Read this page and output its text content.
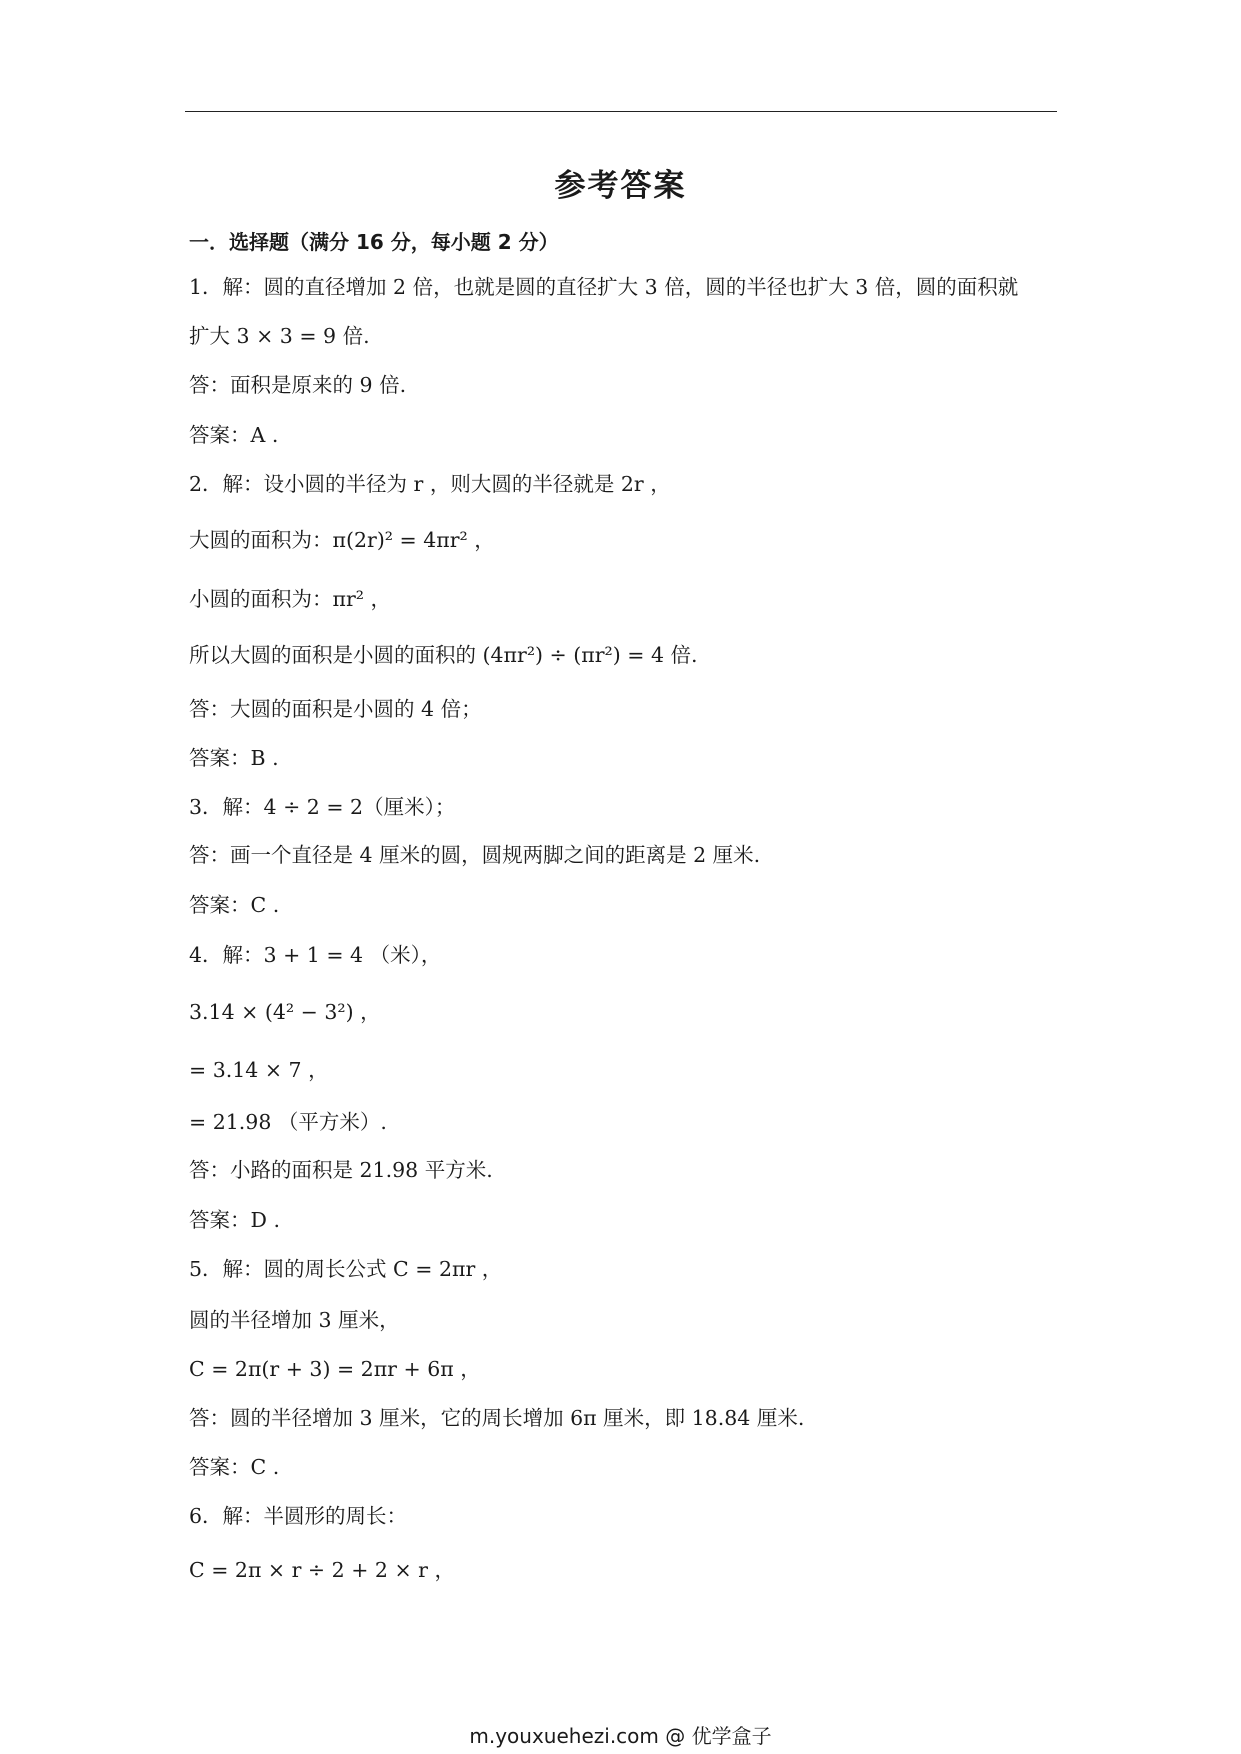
参考答案
一．选择题（满分 16 分，每小题 2 分）
1．解：圆的直径增加 2 倍，也就是圆的直径扩大 3 倍，圆的半径也扩大 3 倍，圆的面积就
扩大 3 × 3 = 9 倍.
答：面积是原来的 9 倍.
答案：A .
2．解：设小圆的半径为 r ，则大圆的半径就是 2r ，
大圆的面积为：π(2r)² = 4πr² ，
小圆的面积为：πr² ，
所以大圆的面积是小圆的面积的 (4πr²) ÷ (πr²) = 4 倍.
答：大圆的面积是小圆的 4 倍；
答案：B .
3．解：4 ÷ 2 = 2（厘米）；
答：画一个直径是 4 厘米的圆，圆规两脚之间的距离是 2 厘米.
答案：C .
4．解：3 + 1 = 4 （米），
3.14 × (4² − 3²) ，
= 3.14 × 7 ，
= 21.98 （平方米）.
答：小路的面积是 21.98 平方米.
答案：D .
5．解：圆的周长公式 C = 2πr ，
圆的半径增加 3 厘米，
C = 2π(r + 3) = 2πr + 6π ，
答：圆的半径增加 3 厘米，它的周长增加 6π 厘米，即 18.84 厘米.
答案：C .
6．解：半圆形的周长：
C = 2π × r ÷ 2 + 2 × r ，
m.youxuehezi.com @ 优学盒子
